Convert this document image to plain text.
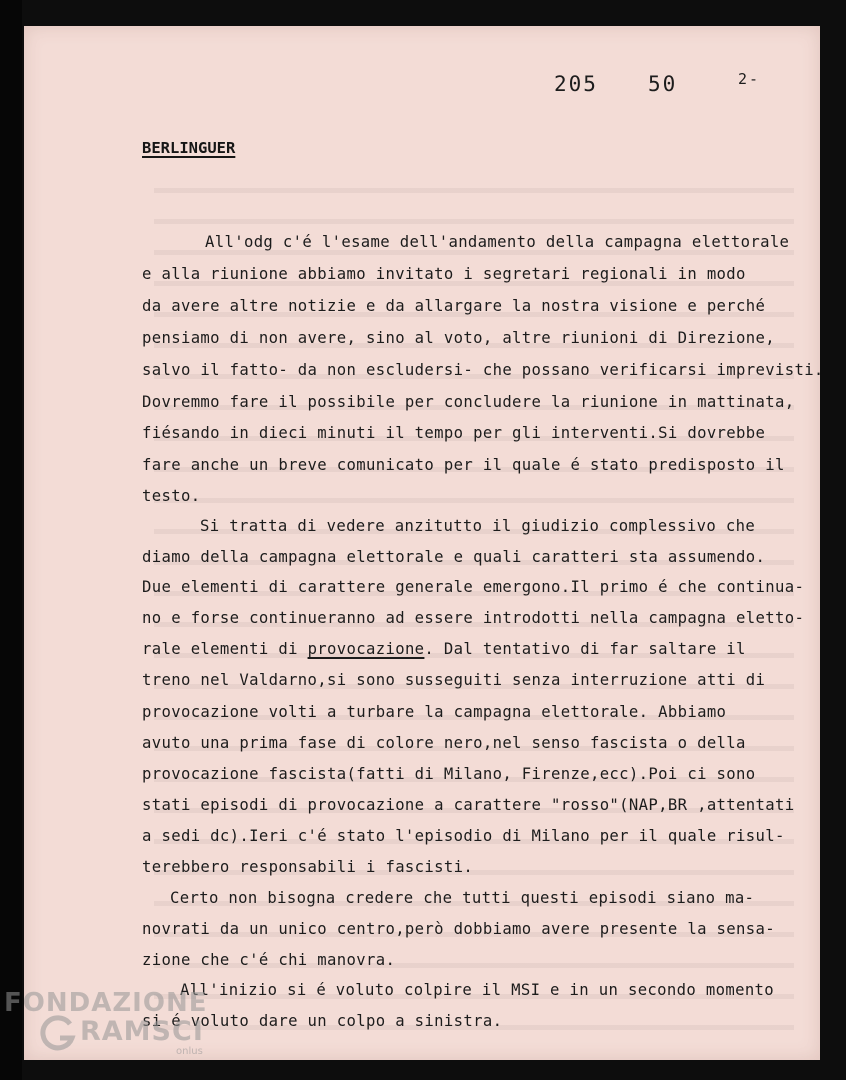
205 50	2-
BERLINGUER
All'odg c'é l'esame dell'andamento della campagna elettorale
e alla riunione abbiamo invitato i segretari regionali in modo
da avere altre notizie e da allargare la nostra visione e perché
pensiamo di non avere, sino al voto, altre riunioni di Direzione,
salvo il fatto- da non escludersi- che possano verificarsi imprevisti.
Dovremmo fare il possibile per concludere la riunione in mattinata,
fiésando in dieci minuti il tempo per gli interventi.Si dovrebbe
fare anche un breve comunicato per il quale é stato predisposto il
testo.
Si tratta di vedere anzitutto il giudizio complessivo che
diamo della campagna elettorale e quali caratteri sta assumendo.
Due elementi di carattere generale emergono.Il primo é che continua-
no e forse continueranno ad essere introdotti nella campagna eletto-
rale elementi di provocazione. Dal tentativo di far saltare il
treno nel Valdarno,si sono susseguiti senza interruzione atti di
provocazione volti a turbare la campagna elettorale. Abbiamo
avuto una prima fase di colore nero,nel senso fascista o della
provocazione fascista(fatti di Milano, Firenze,ecc).Poi ci sono
stati episodi di provocazione a carattere "rosso"(NAP,BR ,attentati
a sedi dc).Ieri c'é stato l'episodio di Milano per il quale risul-
terebbero responsabili i fascisti.
Certo non bisogna credere che tutti questi episodi siano ma-
novrati da un unico centro,però dobbiamo avere presente la sensa-
zione che c'é chi manovra.
All'inizio si é voluto colpire il MSI e in un secondo momento
si é voluto dare un colpo a sinistra.
FONDAZIONE
RAMSCI
onlus
